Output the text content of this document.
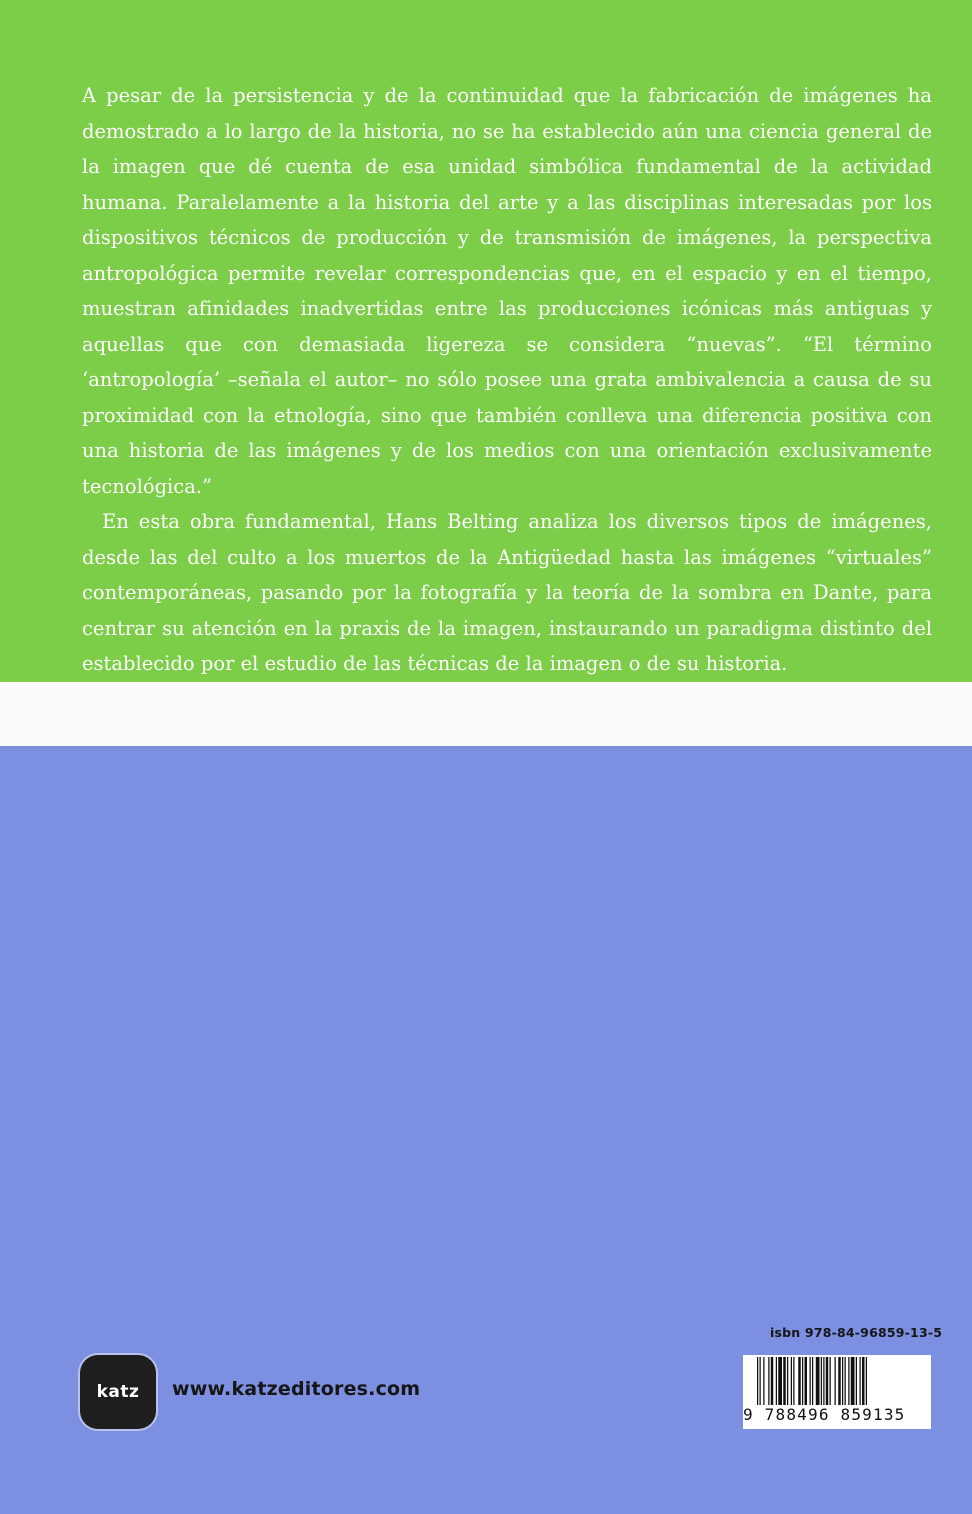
A pesar de la persistencia y de la continuidad que la fabricación de imágenes ha demostrado a lo largo de la historia, no se ha establecido aún una ciencia general de la imagen que dé cuenta de esa unidad simbólica fundamental de la actividad humana. Paralelamente a la historia del arte y a las disciplinas interesadas por los dispositivos técnicos de producción y de transmisión de imágenes, la perspectiva antropológica permite revelar correspondencias que, en el espacio y en el tiempo, muestran afinidades inadvertidas entre las producciones icónicas más antiguas y aquellas que con demasiada ligereza se considera “nuevas”. “El término ‘antropología’ –señala el autor– no sólo posee una grata ambivalencia a causa de su proximidad con la etnología, sino que también conlleva una diferencia positiva con una historia de las imágenes y de los medios con una orientación exclusivamente tecnológica.”

En esta obra fundamental, Hans Belting analiza los diversos tipos de imágenes, desde las del culto a los muertos de la Antigüedad hasta las imágenes “virtuales” contemporáneas, pasando por la fotografía y la teoría de la sombra en Dante, para centrar su atención en la praxis de la imagen, instaurando un paradigma distinto del establecido por el estudio de las técnicas de la imagen o de su historia.

katz www.katzeditores.com
isbn 978-84-96859-13-5
9 788496 859135
